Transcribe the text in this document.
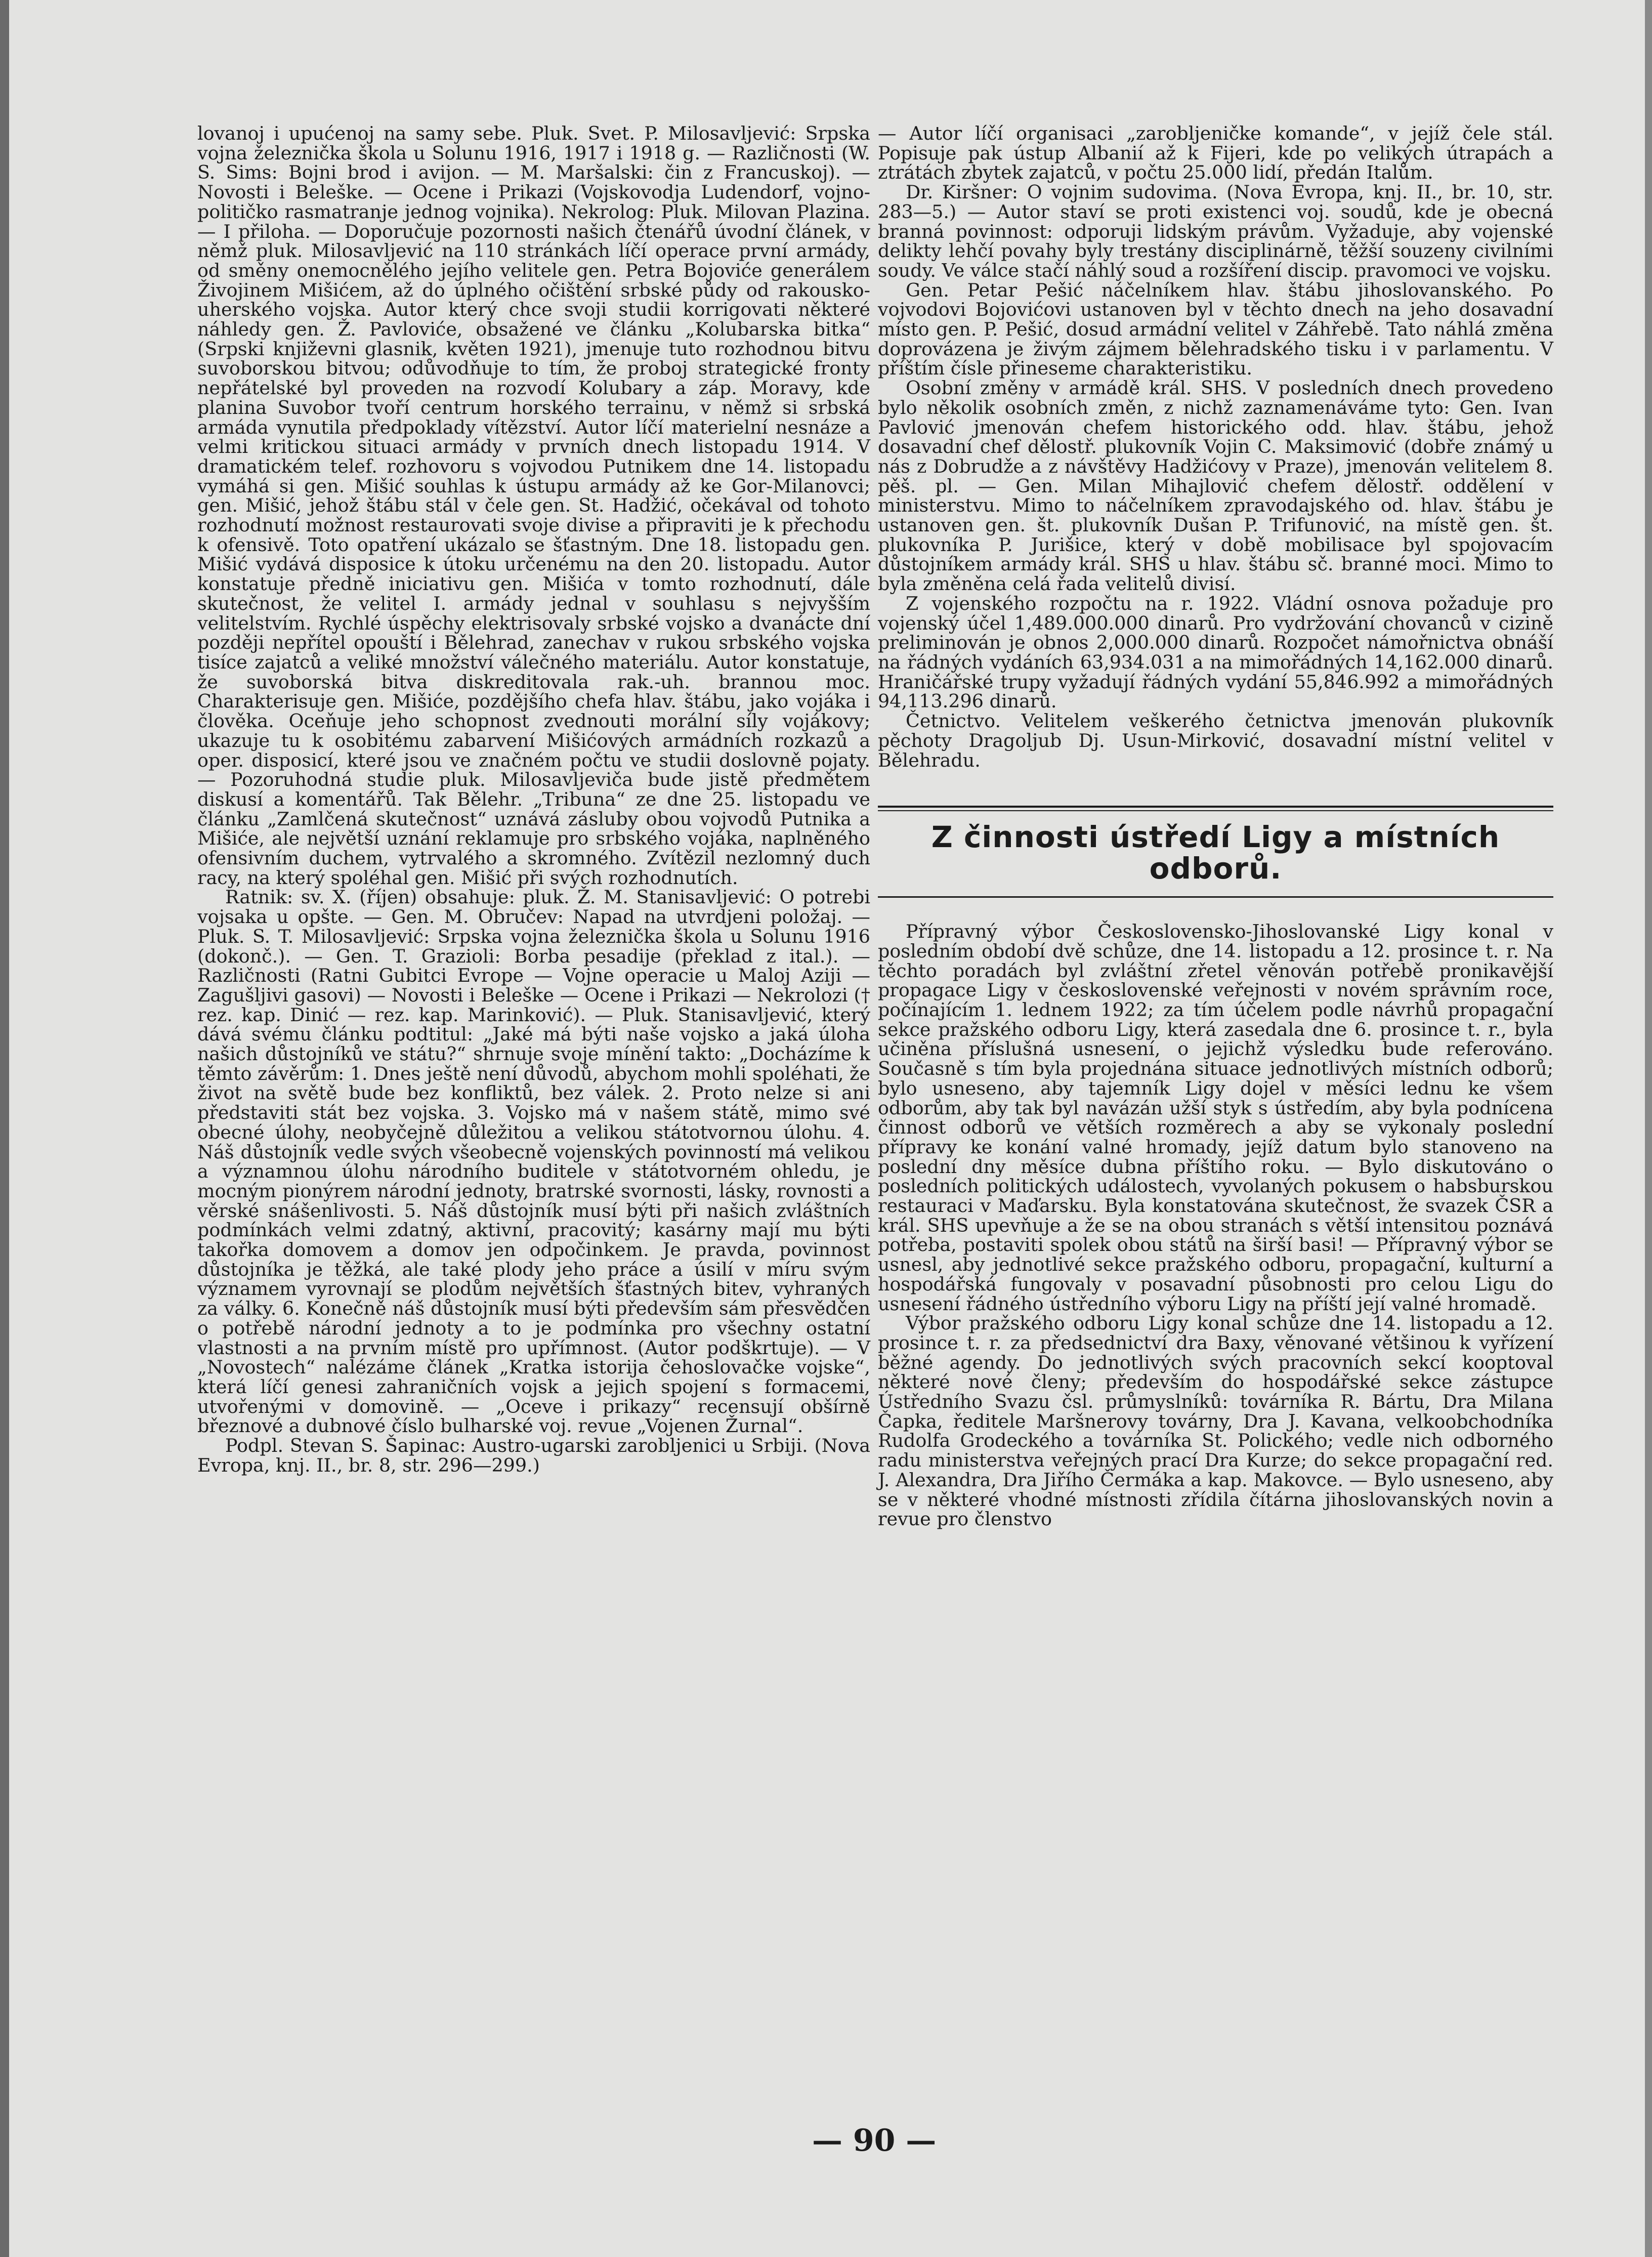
lovanoj i upućenoj na samy sebe. Pluk. Svet. P. Milosavljević: Srpska vojna železnička škola u Solunu 1916, 1917 i 1918 g. — Različnosti (W. S. Sims: Bojni brod i avijon. — M. Maršalski: čin z Francuskoj). — Novosti i Beleške. — Ocene i Prikazi (Vojskovodja Ludendorf, vojno-političko rasmatranje jednog vojnika). Nekrolog: Pluk. Milovan Plazina. — I přiloha. — Doporučuje pozornosti našich čtenářů úvodní článek, v němž pluk. Milosavljević na 110 stránkách líčí operace první armády, od směny onemocnělého jejího velitele gen. Petra Bojoviće generálem Živojinem Mišićem, až do úplného očištění srbské půdy od rakousko-uherského vojska. Autor který chce svoji studii korrigovati některé náhledy gen. Ž. Pavloviće, obsažené ve článku „Kolubarska bitka“ (Srpski književni glasnik, květen 1921), jmenuje tuto rozhodnou bitvu suvoborskou bitvou; odůvodňuje to tím, že proboj strategické fronty nepřátelské byl proveden na rozvodí Kolubary a záp. Moravy, kde planina Suvobor tvoří centrum horského terrainu, v němž si srbská armáda vynutila předpoklady vítězství. Autor líčí materielní nesnáze a velmi kritickou situaci armády v prvních dnech listopadu 1914. V dramatickém telef. rozhovoru s vojvodou Putnikem dne 14. listopadu vymáhá si gen. Mišić souhlas k ústupu armády až ke Gor-Milanovci; gen. Mišić, jehož štábu stál v čele gen. St. Hadžić, očekával od tohoto rozhodnutí možnost restaurovati svoje divise a připraviti je k přechodu k ofensivě. Toto opatření ukázalo se šťastným. Dne 18. listopadu gen. Mišić vydává disposice k útoku určenému na den 20. listopadu. Autor konstatuje předně iniciativu gen. Mišića v tomto rozhodnutí, dále skutečnost, že velitel I. armády jednal v souhlasu s nejvyšším velitelstvím. Rychlé úspěchy elektrisovaly srbské vojsko a dvanácte dní později nepřítel opouští i Bělehrad, zanechav v rukou srbského vojska tisíce zajatců a veliké množství válečného materiálu. Autor konstatuje, že suvoborská bitva diskreditovala rak.-uh. brannou moc. Charakterisuje gen. Mišiće, pozdějšího chefa hlav. štábu, jako vojáka i člověka. Oceňuje jeho schopnost zvednouti morální síly vojákovy; ukazuje tu k osobitému zabarvení Mišićových armádních rozkazů a oper. disposicí, které jsou ve značném počtu ve studii doslovně pojaty. — Pozoruhodná studie pluk. Milosavljeviča bude jistě předmětem diskusí a komentářů. Tak Bělehr. „Tribuna“ ze dne 25. listopadu ve článku „Zamlčená skutečnost“ uznává zásluby obou vojvodů Putnika a Mišiće, ale největší uznání reklamuje pro srbského vojáka, naplněného ofensivním duchem, vytrvalého a skromného. Zvítězil nezlomný duch racy, na který spoléhal gen. Mišić při svých rozhodnutích.

Ratnik: sv. X. (říjen) obsahuje: pluk. Ž. M. Stanisavljević: O potrebi vojsaka u opšte. — Gen. M. Obručev: Napad na utvrdjeni položaj. — Pluk. S. T. Milosavljević: Srpska vojna železnička škola u Solunu 1916 (dokonč.). — Gen. T. Grazioli: Borba pesadije (překlad z ital.). — Različnosti (Ratni Gubitci Evrope — Vojne operacie u Maloj Aziji — Zagušljivi gasovi) — Novosti i Beleške — Ocene i Prikazi — Nekrolozi († rez. kap. Dinić — rez. kap. Marinković). — Pluk. Stanisavljević, který dává svému článku podtitul: „Jaké má býti naše vojsko a jaká úloha našich důstojníků ve státu?“ shrnuje svoje mínění takto: „Docházíme k těmto závěrům: 1. Dnes ještě není důvodů, abychom mohli spoléhati, že život na světě bude bez konfliktů, bez válek. 2. Proto nelze si ani představiti stát bez vojska. 3. Vojsko má v našem státě, mimo své obecné úlohy, neobyčejně důležitou a velikou státotvornou úlohu. 4. Náš důstojník vedle svých všeobecně vojenských povinností má velikou a významnou úlohu národního buditele v státotvorném ohledu, je mocným pionýrem národní jednoty, bratrské svornosti, lásky, rovnosti a věrské snášenlivosti. 5. Náš důstojník musí býti při našich zvláštních podmínkách velmi zdatný, aktivní, pracovitý; kasárny mají mu býti takořka domovem a domov jen odpočinkem. Je pravda, povinnost důstojníka je těžká, ale také plody jeho práce a úsilí v míru svým významem vyrovnají se plodům největších šťastných bitev, vyhraných za války. 6. Konečně náš důstojník musí býti především sám přesvědčen o potřebě národní jednoty a to je podmínka pro všechny ostatní vlastnosti a na prvním místě pro upřímnost. (Autor podškrtuje). — V „Novostech“ nalézáme článek „Kratka istorija čehoslovačke vojske“, která líčí genesi zahraničních vojsk a jejich spojení s formacemi, utvořenými v domovině. — „Oceve i prikazy“ recensují obšírně březnové a dubnové číslo bulharské voj. revue „Vojenen Žurnal“.

Podpl. Stevan S. Šapinac: Austro-ugarski zarobljenici u Srbiji. (Nova Evropa, knj. II., br. 8, str. 296—299.)

— Autor líčí organisaci „zarobljeničke komande“, v jejíž čele stál. Popisuje pak ústup Albanií až k Fijeri, kde po velikých útrapách a ztrátách zbytek zajatců, v počtu 25.000 lidí, předán Italům.

Dr. Kiršner: O vojnim sudovima. (Nova Evropa, knj. II., br. 10, str. 283—5.) — Autor staví se proti existenci voj. soudů, kde je obecná branná povinnost: odporuji lidským právům. Vyžaduje, aby vojenské delikty lehčí povahy byly trestány disciplinárně, těžší souzeny civilními soudy. Ve válce stačí náhlý soud a rozšíření discip. pravomoci ve vojsku.

Gen. Petar Pešić náčelníkem hlav. štábu jihoslovanského. Po vojvodovi Bojovićovi ustanoven byl v těchto dnech na jeho dosavadní místo gen. P. Pešić, dosud armádní velitel v Záhřebě. Tato náhlá změna doprovázena je živým zájmem bělehradského tisku i v parlamentu. V příštím čísle přineseme charakteristiku.

Osobní změny v armádě král. SHS. V posledních dnech provedeno bylo několik osobních změn, z nichž zaznamenáváme tyto: Gen. Ivan Pavlović jmenován chefem historického odd. hlav. štábu, jehož dosavadní chef dělostř. plukovník Vojin C. Maksimović (dobře známý u nás z Dobrudže a z návštěvy Hadžićovy v Praze), jmenován velitelem 8. pěš. pl. — Gen. Milan Mihajlović chefem dělostř. oddělení v ministerstvu. Mimo to náčelníkem zpravodajského od. hlav. štábu je ustanoven gen. št. plukovník Dušan P. Trifunović, na místě gen. št. plukovníka P. Jurišice, který v době mobilisace byl spojovacím důstojníkem armády král. SHS u hlav. štábu sč. branné moci. Mimo to byla změněna celá řada velitelů divisí.

Z vojenského rozpočtu na r. 1922. Vládní osnova požaduje pro vojenský účel 1,489.000.000 dinarů. Pro vydržování chovanců v cizině preliminován je obnos 2,000.000 dinarů. Rozpočet námořnictva obnáší na řádných vydáních 63,934.031 a na mimořádných 14,162.000 dinarů. Hraničářské trupy vyžadují řádných vydání 55,846.992 a mimořádných 94,113.296 dinarů.

Četnictvo. Velitelem veškerého četnictva jmenován plukovník pěchoty Dragoljub Dj. Usun-Mirković, dosavadní místní velitel v Bělehradu.

Z činnosti ústředí Ligy a místních
odborů.

Přípravný výbor Československo-Jihoslovanské Ligy konal v posledním období dvě schůze, dne 14. listopadu a 12. prosince t. r. Na těchto poradách byl zvláštní zřetel věnován potřebě pronikavější propagace Ligy v československé veřejnosti v novém správním roce, počínajícím 1. lednem 1922; za tím účelem podle návrhů propagační sekce pražského odboru Ligy, která zasedala dne 6. prosince t. r., byla učiněna příslušná usnesení, o jejichž výsledku bude referováno. Současně s tím byla projednána situace jednotlivých místních odborů; bylo usneseno, aby tajemník Ligy dojel v měsíci lednu ke všem odborům, aby tak byl navázán užší styk s ústředím, aby byla podnícena činnost odborů ve větších rozměrech a aby se vykonaly poslední přípravy ke konání valné hromady, jejíž datum bylo stanoveno na poslední dny měsíce dubna příštího roku. — Bylo diskutováno o posledních politických událostech, vyvolaných pokusem o habsburskou restauraci v Maďarsku. Byla konstatována skutečnost, že svazek ČSR a král. SHS upevňuje a že se na obou stranách s větší intensitou poznává potřeba, postaviti spolek obou států na širší basi! — Přípravný výbor se usnesl, aby jednotlivé sekce pražského odboru, propagační, kulturní a hospodářská fungovaly v posavadní působnosti pro celou Ligu do usnesení řádného ústředního výboru Ligy na příští její valné hromadě.

Výbor pražského odboru Ligy konal schůze dne 14. listopadu a 12. prosince t. r. za předsednictví dra Baxy, věnované většinou k vyřízení běžné agendy. Do jednotlivých svých pracovních sekcí kooptoval některé nové členy; především do hospodářské sekce zástupce Ústředního Svazu čsl. průmyslníků: továrníka R. Bártu, Dra Milana Čapka, ředitele Maršnerovy továrny, Dra J. Kavana, velkoobchodníka Rudolfa Grodeckého a továrníka St. Polického; vedle nich odborného radu ministerstva veřejných prací Dra Kurze; do sekce propagační red. J. Alexandra, Dra Jiřího Čermáka a kap. Makovce. — Bylo usneseno, aby se v některé vhodné místnosti zřídila čítárna jihoslovanských novin a revue pro členstvo

— 90 —
